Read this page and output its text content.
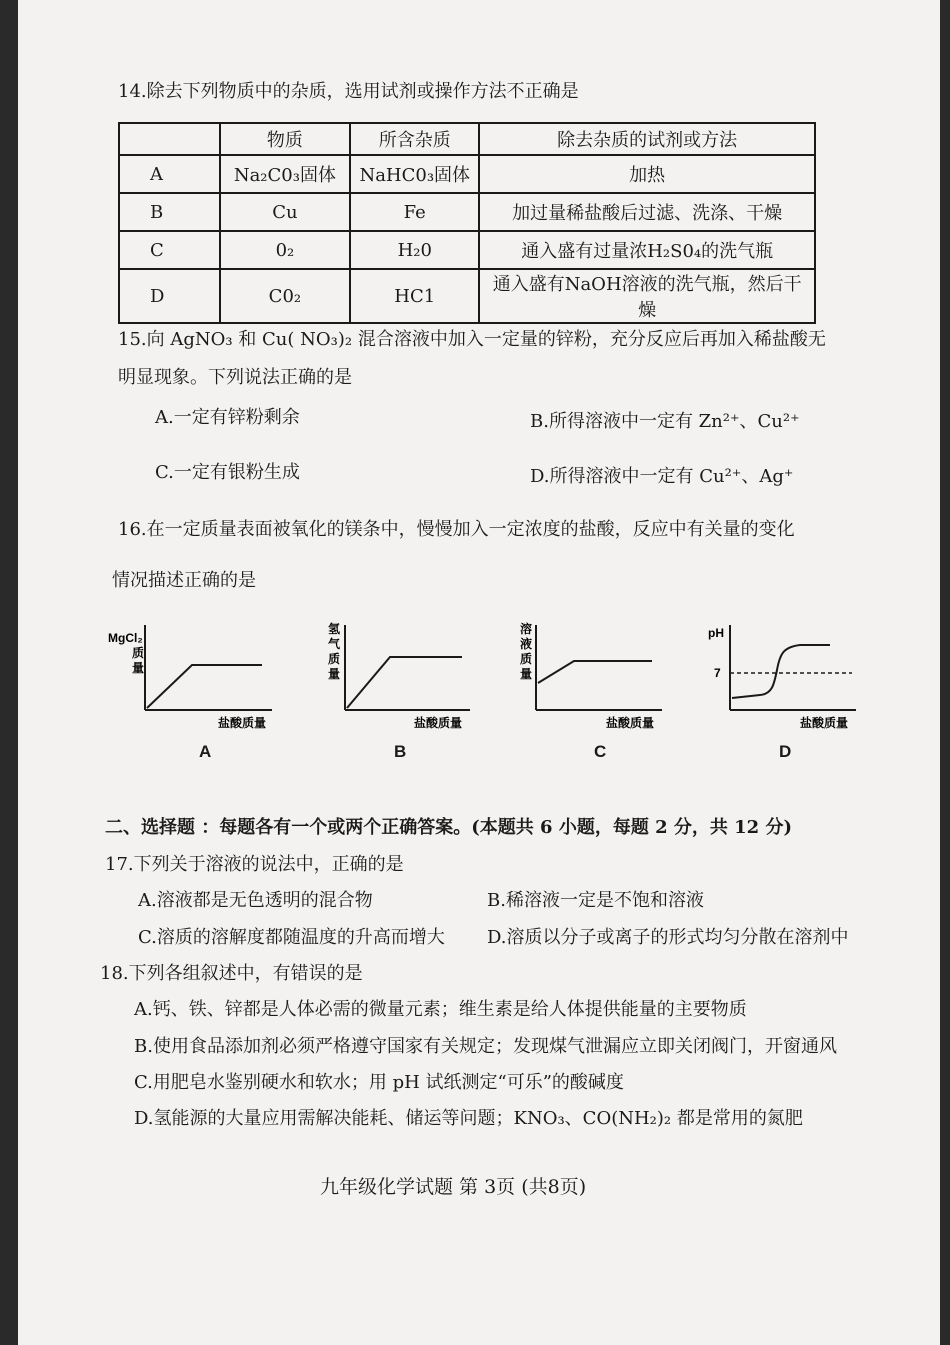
14.除去下列物质中的杂质，选用试剂或操作方法不正确是
	物质	所含杂质	除去杂质的试剂或方法
A	Na₂C0₃固体	NaHC0₃固体	加热
B	Cu	Fe	加过量稀盐酸后过滤、洗涤、干燥
C	0₂	H₂0	通入盛有过量浓H₂S0₄的洗气瓶
D	C0₂	HC1	通入盛有NaOH溶液的洗气瓶，然后干燥
15.向 AgNO₃ 和 Cu( NO₃)₂ 混合溶液中加入一定量的锌粉，充分反应后再加入稀盐酸无
明显现象。下列说法正确的是
A.一定有锌粉剩余	B.所得溶液中一定有 Zn²⁺、Cu²⁺
C.一定有银粉生成	D.所得溶液中一定有 Cu²⁺、Ag⁺
16.在一定质量表面被氧化的镁条中，慢慢加入一定浓度的盐酸，反应中有关量的变化
情况描述正确的是
MgCl₂
质
量
盐酸质量
氢
气
质
量
盐酸质量
溶
液
质
量
盐酸质量
pH
7
盐酸质量
A	B	C	D
二、选择题 ：每题各有一个或两个正确答案。(本题共 6 小题，每题 2 分，共 12 分)
17.下列关于溶液的说法中，正确的是
A.溶液都是无色透明的混合物	B.稀溶液一定是不饱和溶液
C.溶质的溶解度都随温度的升高而增大 D.溶质以分子或离子的形式均匀分散在溶剂中
18.下列各组叙述中，有错误的是
A.钙、铁、锌都是人体必需的微量元素；维生素是给人体提供能量的主要物质
B.使用食品添加剂必须严格遵守国家有关规定；发现煤气泄漏应立即关闭阀门，开窗通风
C.用肥皂水鉴别硬水和软水；用 pH 试纸测定“可乐”的酸碱度
D.氢能源的大量应用需解决能耗、储运等问题；KNO₃、CO(NH₂)₂ 都是常用的氮肥
九年级化学试题 第 3页 (共8页)
